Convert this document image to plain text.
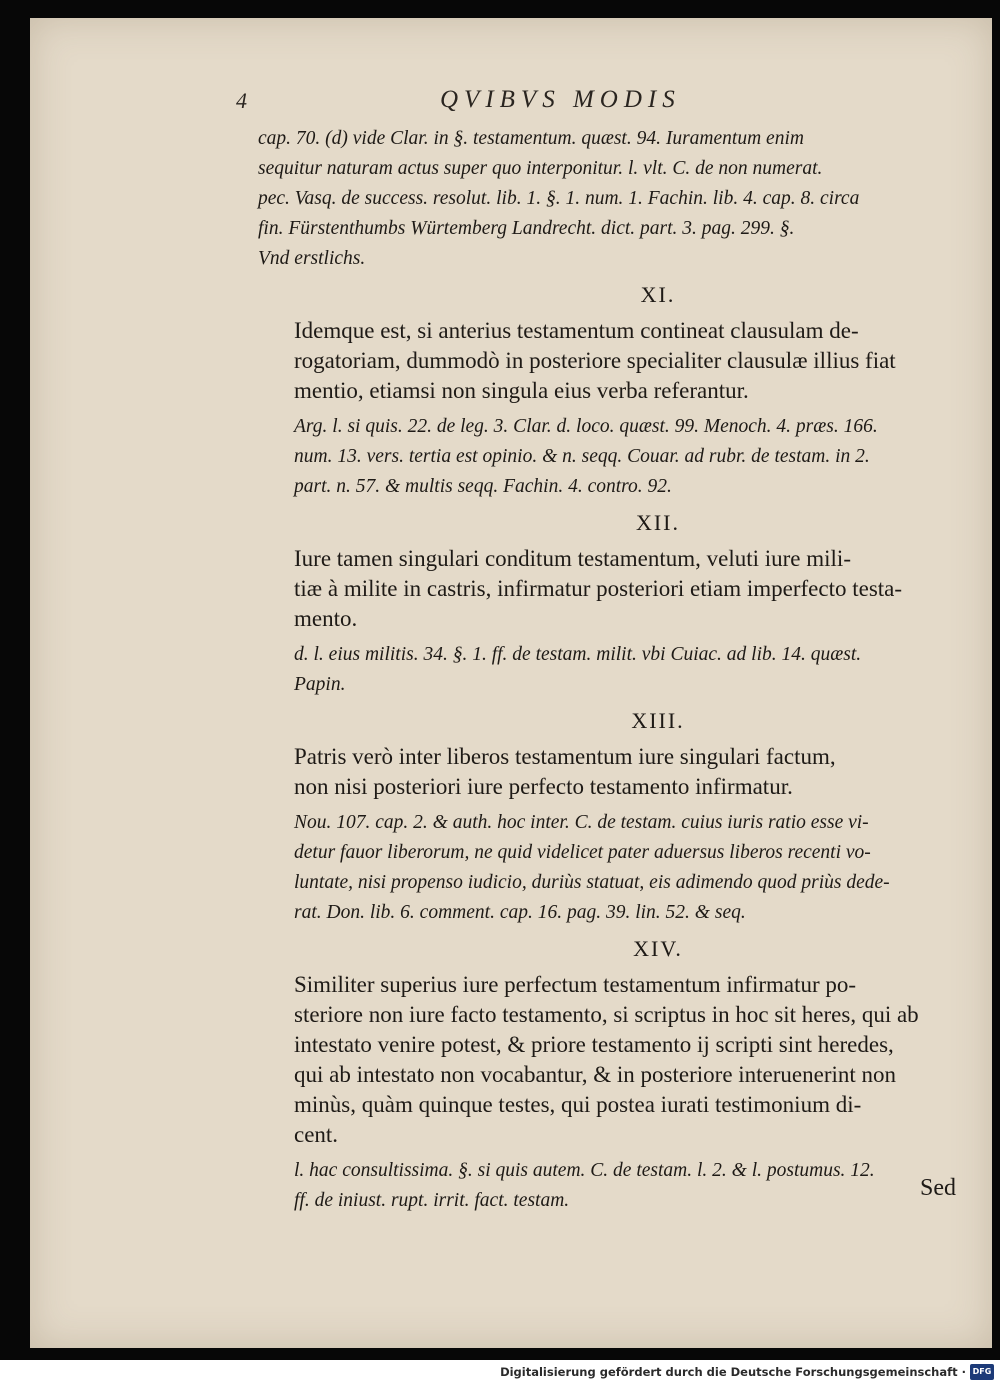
4	QVIBVS MODIS
cap. 70. (d) vide Clar. in §. testamentum. quæst. 94. Iuramentum enim
sequitur naturam actus super quo interponitur. l. vlt. C. de non numerat.
pec. Vasq. de success. resolut. lib. 1. §. 1. num. 1. Fachin. lib. 4. cap. 8. circa
fin. Fürstenthumbs Würtemberg Landrecht. dict. part. 3. pag. 299. §.
Vnd erstlichs.
XI.
Idemque est, si anterius testamentum contineat clausulam de-
rogatoriam, dummodò in posteriore specialiter clausulæ illius fiat
mentio, etiamsi non singula eius verba referantur.
Arg. l. si quis. 22. de leg. 3. Clar. d. loco. quæst. 99. Menoch. 4. præs. 166.
num. 13. vers. tertia est opinio. & n. seqq. Couar. ad rubr. de testam. in 2.
part. n. 57. & multis seqq. Fachin. 4. contro. 92.
XII.
Iure tamen singulari conditum testamentum, veluti iure mili-
tiæ à milite in castris, infirmatur posteriori etiam imperfecto testa-
mento.
d. l. eius militis. 34. §. 1. ff. de testam. milit. vbi Cuiac. ad lib. 14. quæst.
Papin.
XIII.
Patris verò inter liberos testamentum iure singulari factum,
non nisi posteriori iure perfecto testamento infirmatur.
Nou. 107. cap. 2. & auth. hoc inter. C. de testam. cuius iuris ratio esse vi-
detur fauor liberorum, ne quid videlicet pater aduersus liberos recenti vo-
luntate, nisi propenso iudicio, duriùs statuat, eis adimendo quod priùs dede-
rat. Don. lib. 6. comment. cap. 16. pag. 39. lin. 52. & seq.
XIV.
Similiter superius iure perfectum testamentum infirmatur po-
steriore non iure facto testamento, si scriptus in hoc sit heres, qui ab
intestato venire potest, & priore testamento ij scripti sint heredes,
qui ab intestato non vocabantur, & in posteriore interuenerint non
minùs, quàm quinque testes, qui postea iurati testimonium di-
cent.
l. hac consultissima. §. si quis autem. C. de testam. l. 2. & l. postumus. 12.
ff. de iniust. rupt. irrit. fact. testam.	Sed
Digitalisierung gefördert durch die Deutsche Forschungsgemeinschaft · DFG
